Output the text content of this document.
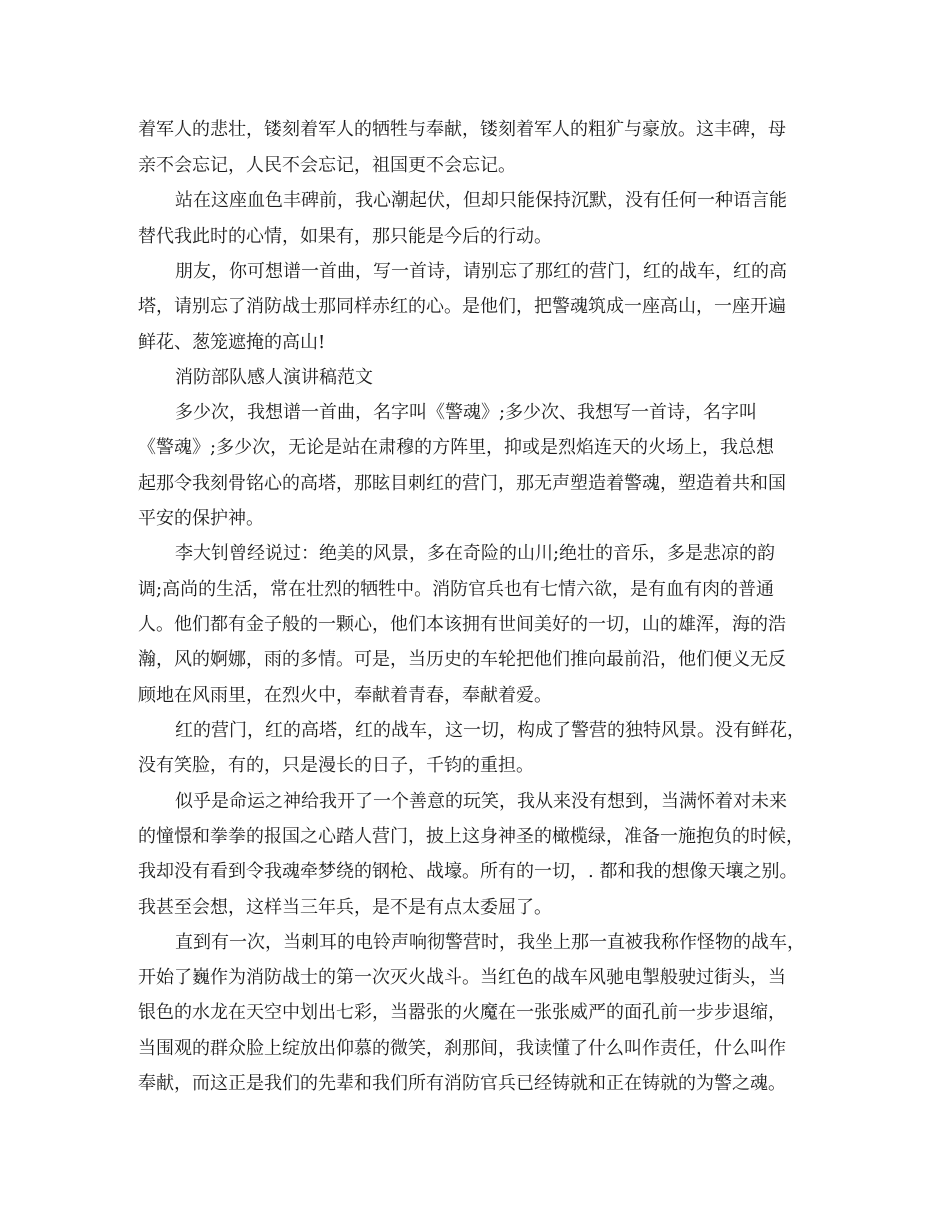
着军人的悲壮，镂刻着军人的牺牲与奉献，镂刻着军人的粗犷与豪放。这丰碑，母
亲不会忘记，人民不会忘记，祖国更不会忘记。
站在这座血色丰碑前，我心潮起伏，但却只能保持沉默，没有任何一种语言能
替代我此时的心情，如果有，那只能是今后的行动。
朋友，你可想谱一首曲，写一首诗，请别忘了那红的营门，红的战车，红的高
塔，请别忘了消防战士那同样赤红的心。是他们，把警魂筑成一座高山，一座开遍
鲜花、葱笼遮掩的高山!
消防部队感人演讲稿范文
多少次，我想谱一首曲，名字叫《警魂》;多少次、我想写一首诗，名字叫
《警魂》;多少次，无论是站在肃穆的方阵里，抑或是烈焰连天的火场上，我总想
起那令我刻骨铭心的高塔，那眩目刺红的营门，那无声塑造着警魂，塑造着共和国
平安的保护神。
李大钊曾经说过：绝美的风景，多在奇险的山川;绝壮的音乐，多是悲凉的韵
调;高尚的生活，常在壮烈的牺牲中。消防官兵也有七情六欲，是有血有肉的普通
人。他们都有金子般的一颗心，他们本该拥有世间美好的一切，山的雄浑，海的浩
瀚，风的婀娜，雨的多情。可是，当历史的车轮把他们推向最前沿，他们便义无反
顾地在风雨里，在烈火中，奉献着青春，奉献着爱。
红的营门，红的高塔，红的战车，这一切，构成了警营的独特风景。没有鲜花，
没有笑脸，有的，只是漫长的日子，千钧的重担。
似乎是命运之神给我开了一个善意的玩笑，我从来没有想到，当满怀着对未来
的憧憬和拳拳的报国之心踏人营门，披上这身神圣的橄榄绿，准备一施抱负的时候，
我却没有看到令我魂牵梦绕的钢枪、战壕。所有的一切，. 都和我的想像天壤之别。
我甚至会想，这样当三年兵，是不是有点太委屈了。
直到有一次，当刺耳的电铃声响彻警营时，我坐上那一直被我称作怪物的战车，
开始了巍作为消防战士的第一次灭火战斗。当红色的战车风驰电掣般驶过街头，当
银色的水龙在天空中划出七彩，当嚣张的火魔在一张张威严的面孔前一步步退缩，
当围观的群众脸上绽放出仰慕的微笑，刹那间，我读懂了什么叫作责任，什么叫作
奉献，而这正是我们的先辈和我们所有消防官兵已经铸就和正在铸就的为警之魂。
